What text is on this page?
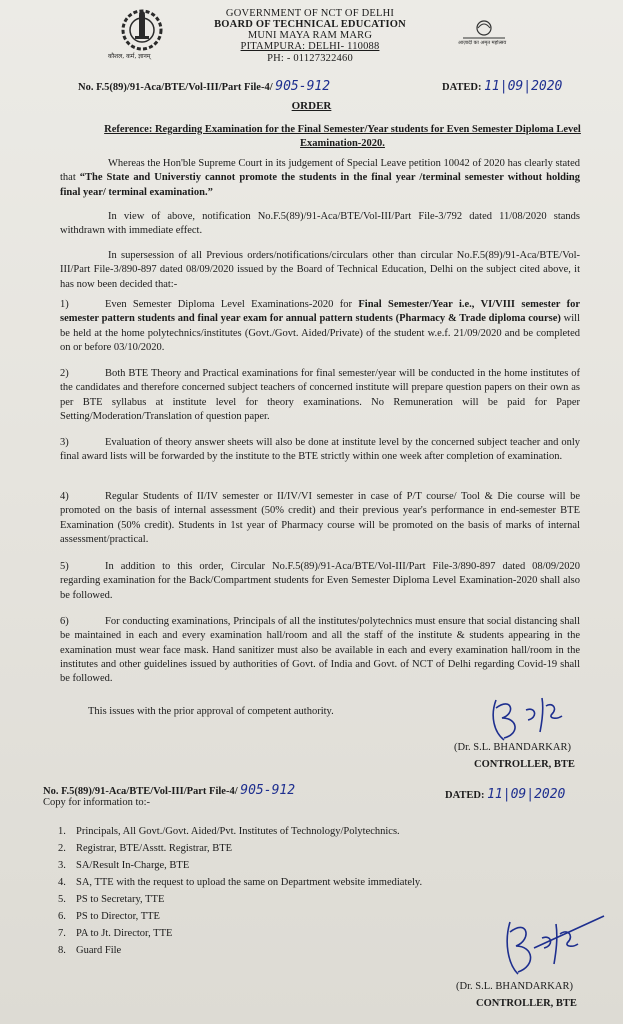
कौशल, कर्म, ज्ञानम्
GOVERNMENT OF NCT OF DELHI
BOARD OF TECHNICAL EDUCATION
MUNI MAYA RAM MARG
PITAMPURA: DELHI- 110088
PH: - 01127322460
आज़ादी का अमृत महोत्सव
No. F.5(89)/91-Aca/BTE/Vol-III/Part File-4/ 905-912	DATED: 11|09|2020
ORDER
Reference: Regarding Examination for the Final Semester/Year students for Even Semester Diploma Level Examination-2020.
Whereas the Hon'ble Supreme Court in its judgement of Special Leave petition 10042 of 2020 has clearly stated that “The State and Universtiy cannot promote the students in the final year /terminal semester without holding final year/ terminal examination.”
In view of above, notification No.F.5(89)/91-Aca/BTE/Vol-III/Part File-3/792 dated 11/08/2020 stands withdrawn with immediate effect.
In supersession of all Previous orders/notifications/circulars other than circular No.F.5(89)/91-Aca/BTE/Vol-III/Part File-3/890-897 dated 08/09/2020 issued by the Board of Technical Education, Delhi on the subject cited above, it has now been decided that:-
1)	Even Semester Diploma Level Examinations-2020 for Final Semester/Year i.e., VI/VIII semester for semester pattern students and final year exam for annual pattern students (Pharmacy & Trade diploma course) will be held at the home polytechnics/institutes (Govt./Govt. Aided/Private) of the student w.e.f. 21/09/2020 and be completed on or before 03/10/2020.
2)	Both BTE Theory and Practical examinations for final semester/year will be conducted in the home institutes of the candidates and therefore concerned subject teachers of concerned institute will prepare question papers on their own as per BTE syllabus at institute level for theory examinations. No Remuneration will be paid for Paper Setting/Moderation/Translation of question paper.
3)	Evaluation of theory answer sheets will also be done at institute level by the concerned subject teacher and only final award lists will be forwarded by the institute to the BTE strictly within one week after completion of examination.
4)	Regular Students of II/IV semester or II/IV/VI semester in case of P/T course/ Tool & Die course will be promoted on the basis of internal assessment (50% credit) and their previous year's performance in end-semester BTE Examination (50% credit). Students in 1st year of Pharmacy course will be promoted on the basis of marks of internal assessment/practical.
5)	In addition to this order, Circular No.F.5(89)/91-Aca/BTE/Vol-III/Part File-3/890-897 dated 08/09/2020 regarding examination for the Back/Compartment students for Even Semester Diploma Level Examination-2020 shall also be followed.
6)	For conducting examinations, Principals of all the institutes/polytechnics must ensure that social distancing shall be maintained in each and every examination hall/room and all the staff of the institute & students appearing in the examination must wear face mask. Hand sanitizer must also be available in each and every examination hall/room in the institutes and other guidelines issued by authorities of Govt. of India and Govt. of NCT of Delhi regarding Covid-19 shall be followed.
This issues with the prior approval of competent authority.
(Dr. S.L. BHANDARKAR)
CONTROLLER, BTE
No. F.5(89)/91-Aca/BTE/Vol-III/Part File-4/ 905-912	DATED: 11|09|2020
Copy for information to:-
1. Principals, All Govt./Govt. Aided/Pvt. Institutes of Technology/Polytechnics.
2. Registrar, BTE/Asstt. Registrar, BTE
3. SA/Result In-Charge, BTE
4. SA, TTE with the request to upload the same on Department website immediately.
5. PS to Secretary, TTE
6. PS to Director, TTE
7. PA to Jt. Director, TTE
8. Guard File
(Dr. S.L. BHANDARKAR)
CONTROLLER, BTE
